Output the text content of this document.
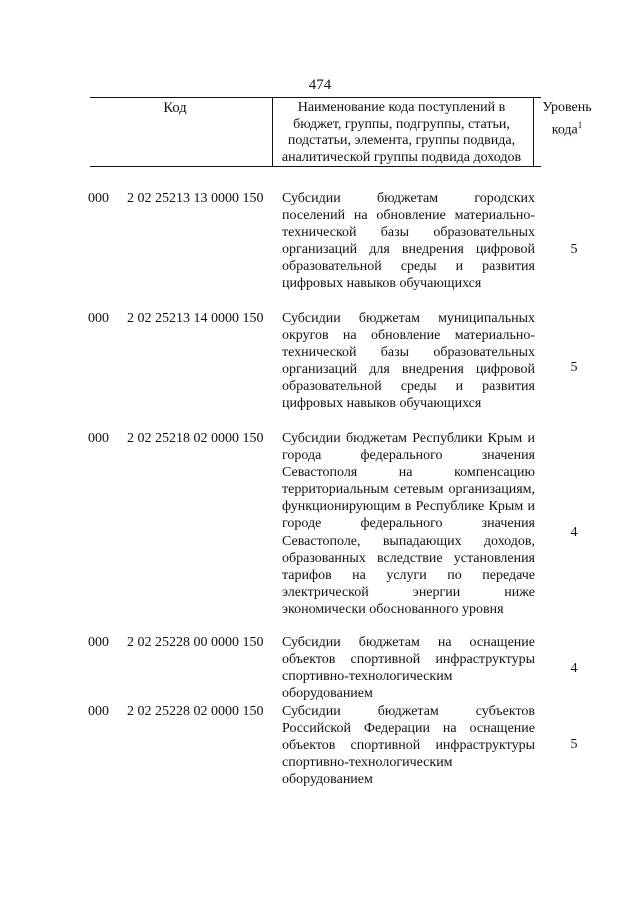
474
Код	Наименование кода поступлений в бюджет, группы, подгруппы, статьи, подстатьи, элемента, группы подвида, аналитической группы подвида доходов
Уровень кода$^1$
000 2 02 25213 13 0000 150 Субсидии бюджетам городских поселений на обновление материально-технической базы образовательных организаций для внедрения цифровой образовательной среды и развития цифровых навыков обучающихся
5
000 2 02 25213 14 0000 150 Субсидии бюджетам муниципальных округов на обновление материально-технической базы образовательных организаций для внедрения цифровой образовательной среды и развития цифровых навыков обучающихся
5
000 2 02 25218 02 0000 150 Субсидии бюджетам Республики Крым и города федерального значения Севастополя на компенсацию территориальным сетевым организациям, функционирующим в Республике Крым и городе федерального значения Севастополе, выпадающих доходов, образованных вследствие установления тарифов на услуги по передаче электрической энергии ниже экономически обоснованного уровня
4
000 2 02 25228 00 0000 150 Субсидии бюджетам на оснащение объектов спортивной инфраструктуры спортивно-технологическим оборудованием
4
000 2 02 25228 02 0000 150 Субсидии бюджетам субъектов Российской Федерации на оснащение объектов спортивной инфраструктуры спортивно-технологическим оборудованием
5
